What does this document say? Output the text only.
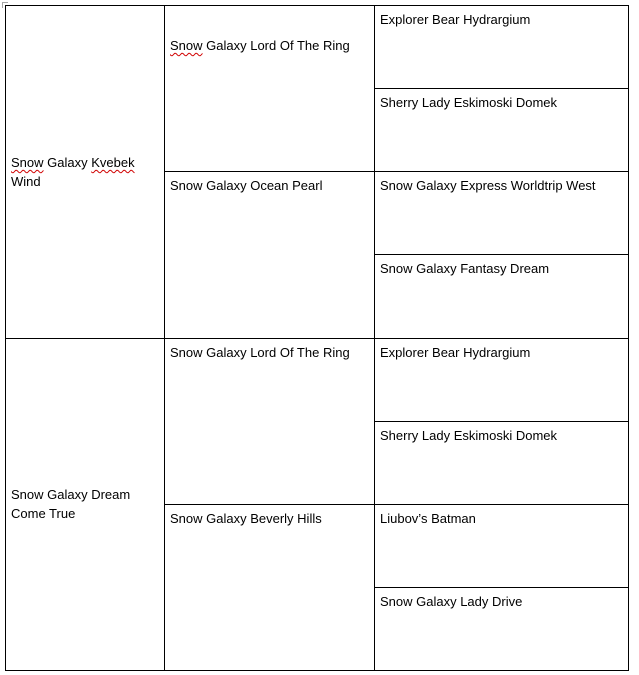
Snow Galaxy Kvebek Wind	Snow Galaxy Lord Of The Ring	Explorer Bear Hydrargium
		Sherry Lady Eskimoski Domek
	Snow Galaxy Ocean Pearl	Snow Galaxy Express Worldtrip West
		Snow Galaxy Fantasy Dream
Snow Galaxy Dream Come True	Snow Galaxy Lord Of The Ring	Explorer Bear Hydrargium
		Sherry Lady Eskimoski Domek
	Snow Galaxy Beverly Hills	Liubov’s Batman
		Snow Galaxy Lady Drive
